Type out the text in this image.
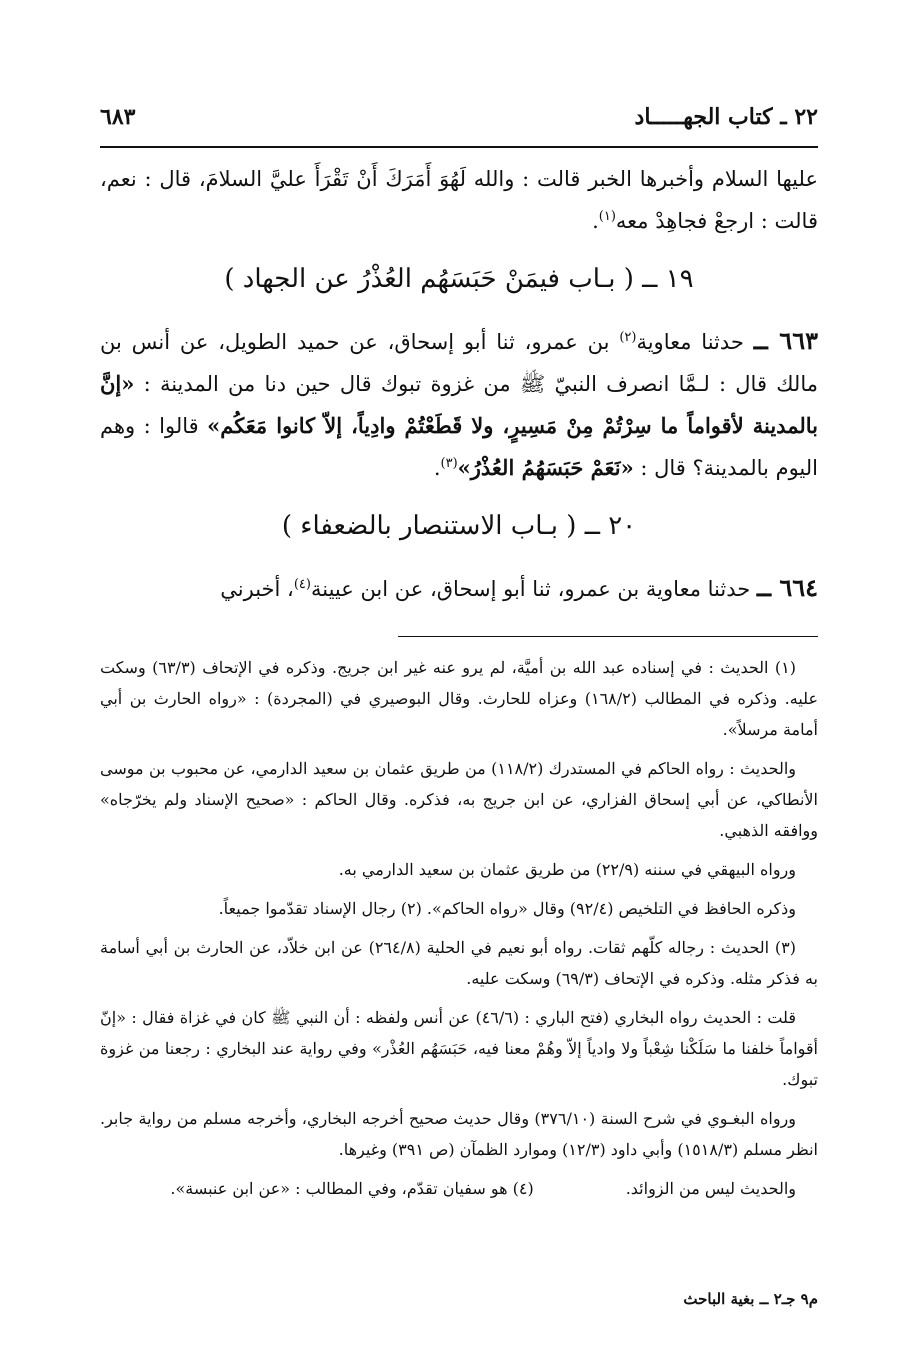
٢٢ ـ كتاب الجهـــــاد
٦٨٣

عليها السلام وأخبرها الخبر قالت : والله لَهُوَ أَمَرَكَ أَنْ تَقْرَأَ عليَّ السلامَ، قال : نعم، قالت : ارجعْ فجاهِدْ معه$^{(١)}$.

١٩ ــ ( بـاب فيمَنْ حَبَسَهُم العُذْرُ عن الجهاد )

٦٦٣ ــ حدثنا معاوية$^{(٢)}$ بن عمرو، ثنا أبو إسحاق، عن حميد الطويل، عن أنس بن مالك قال : لـمَّا انصرف النبيّ ﷺ من غزوة تبوك قال حين دنا من المدينة : «إنَّ بالمدينة لأقواماً ما سِرْتُمْ مِنْ مَسِيرٍ، ولا قَطَعْتُمْ وادِياً، إلاّ كانوا مَعَكُم» قالوا : وهم اليوم بالمدينة؟ قال : «نَعَمْ حَبَسَهُمُ العُذْرُ»$^{(٣)}$.

٢٠ ــ ( بـاب الاستنصار بالضعفاء )

٦٦٤ ــ حدثنا معاوية بن عمرو، ثنا أبو إسحاق، عن ابن عيينة$^{(٤)}$، أخبرني

(١) الحديث : في إسناده عبد الله بن أميَّة، لم يرو عنه غير ابن جريج. وذكره في الإتحاف (٦٣/٣) وسكت عليه. وذكره في المطالب (١٦٨/٢) وعزاه للحارث. وقال البوصيري في (المجردة) : «رواه الحارث بن أبي أمامة مرسلاً».

والحديث : رواه الحاكم في المستدرك (١١٨/٢) من طريق عثمان بن سعيد الدارمي، عن محبوب بن موسى الأنطاكي، عن أبي إسحاق الفزاري، عن ابن جريج به، فذكره. وقال الحاكم : «صحيح الإسناد ولم يخرّجاه» ووافقه الذهبي.

ورواه البيهقي في سننه (٢٢/٩) من طريق عثمان بن سعيد الدارمي به.

وذكره الحافظ في التلخيص (٩٢/٤) وقال «رواه الحاكم». (٢) رجال الإسناد تقدّموا جميعاً.

(٣) الحديث : رجاله كلّهم ثقات. رواه أبو نعيم في الحلية (٢٦٤/٨) عن ابن خلاّد، عن الحارث بن أبي أسامة به فذكر مثله. وذكره في الإتحاف (٦٩/٣) وسكت عليه.

قلت : الحديث رواه البخاري (فتح الباري : (٤٦/٦) عن أنس ولفظه : أن النبي ﷺ كان في غزاة فقال : «إنّ أقواماً خلفنا ما سَلَكْنا شِعْباً ولا وادياً إلاّ وهُمْ معنا فيه، حَبَسَهُم العُذْر» وفي رواية عند البخاري : رجعنا من غزوة تبوك.

ورواه البغـوي في شرح السنة (٣٧٦/١٠) وقال حديث صحيح أخرجه البخاري، وأخرجه مسلم من رواية جابر. انظر مسلم (١٥١٨/٣) وأبي داود (١٢/٣) وموارد الظمآن (ص ٣٩١) وغيرها.

والحديث ليس من الزوائد.
(٤) هو سفيان تقدّم، وفي المطالب : «عن ابن عنبسة».

م٩ جـ٢ ــ بغية الباحث
